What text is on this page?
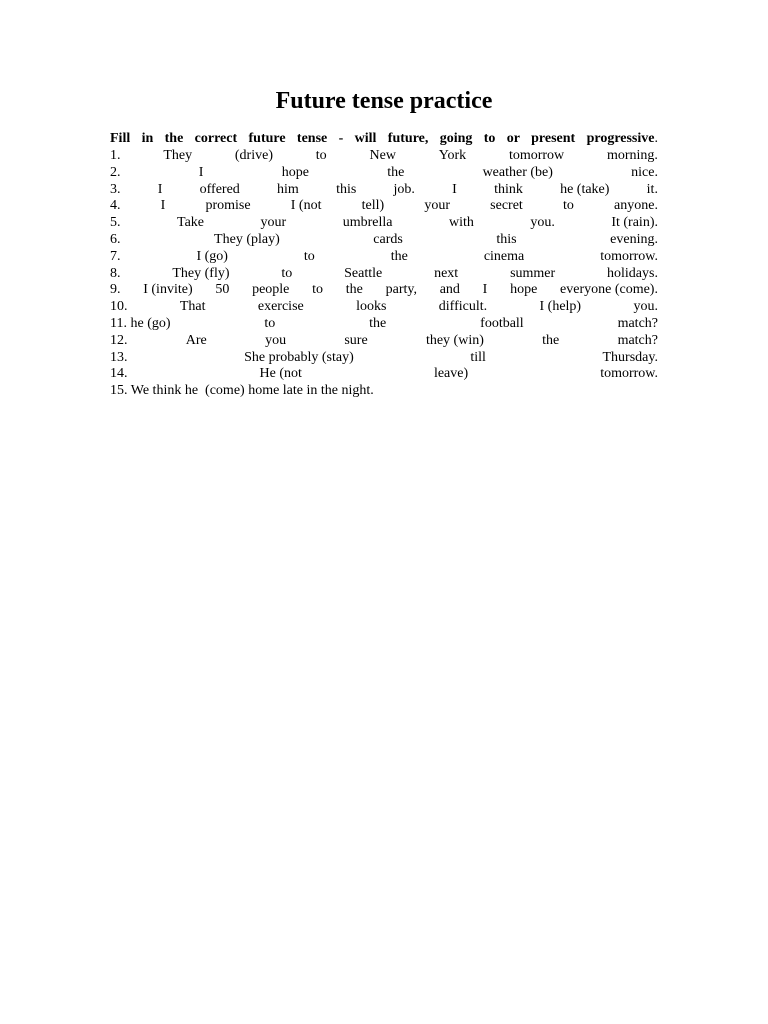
Future tense practice
Fill in the correct future tense - will future, going to or present progressive.
1.	They	(drive)	to	New	York	tomorrow	morning.
2.	I	hope	the	weather (be)	nice.
3.	I	offered	him	this	job.	I	think	he (take)	it.
4.	I	promise	I (not	tell)	your	secret	to	anyone.
5.	Take	your	umbrella	with	you.	It (rain).
6.	They (play)	cards	this	evening.
7.	I (go)	to	the	cinema	tomorrow.
8.	They (fly)	to	Seattle	next	summer	holidays.
9. I (invite) 50 people to the party, and I hope everyone (come).
10.	That	exercise	looks	difficult.	I (help)	you.
11. he (go)	to	the	football	match?
12.	Are	you	sure	they (win)	the	match?
13.	She probably (stay)	till	Thursday.
14.	He (not	leave)	tomorrow.
15. We think he  (come) home late in the night.
